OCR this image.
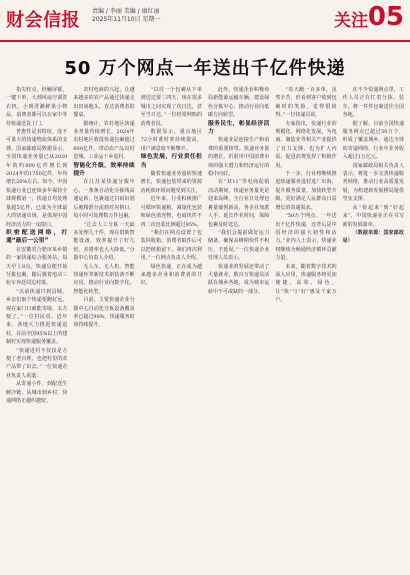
财会信报 责编 / 李丽 美编 / 康红丽
2025年11月10日 星期一	关注 05
50 万个网点一年送出千亿件快递

指尖轻点，经触屏幕，一键下单，大到风扇空调洗衣机，小到洗漱鲜果小物品，消费者都可以在家中等待快递送货上门。

普惠性是其特征，庞不可量大的快递物流体系的支撑。国家邮政局数据显示，全国快递业务量已从2020年的约800亿件增长到2024年的1750亿件，年均增长20%左右。如今，中国快递行业已连续多年保持全球规模第一，快递日均处理量超5亿件，已成为全球最大的快递市场，是体现中国经济活力的一扇窗口。

织密配送网络，打通“最后一公里”

在安徽省合肥市某乡镇的一家快递综合服务站，每天早上8点，快递员便开始分拣包裹，随后骑着电动三轮车奔赴周边村落。

“以前快递只到县城，乡亲们取个快递要跑好远，现在家门口就能寄取，太方便了。”一位村民说。近年来，各地大力推进快递进村，目前全国95%以上的建制村实现快递服务覆盖。

“快递进村不仅仅是方便了老百姓，也把村里的农产品带了出去。”一位快递企业负责人说道。

从寄递小件，到配送生鲜冷链、从城市到乡村，快递网络正越织越密。

农村电商的兴起，让越来越多的农产品通过快递走出田间地头，直达消费者的餐桌。

据统计，农村地区快递业务量持续增长，2024年农村地区收投快递包裹超过600亿件，带动农产品出村进城，工业品下乡进村。

智能化升级，效率持续提升

在江苏某快递分拨中心，一条条自动化分拣线高速运转，包裹通过扫码识别后被精准分流到对应格口，每小时可处理数万件包裹。

“过去人工分拣一天最多处理几千件，现在借助智能设备，效率提升了好几倍，差错率也大大降低。”分拨中心负责人介绍。

无人车、无人机、智能快递柜等新技术新装备不断应用，推动行业向数字化、智能化转型。

目前，主要快递企业分拨中心自动化分拣设备覆盖率已超过90%，快递服务时效持续提升。

“以往一个包裹从下单到送达要三四天，现在很多城市之间实现了次日达，甚至当日达。”一位经常网购的消费者说。

数据显示，重点地区72小时准时率持续提高，用户满意度不断攀升。

绿色发展，行业责任担当

随着快递业务量的快速增长，快递包装带来的资源消耗和环境问题受到关注。

近年来，行业积极推广可循环快递箱、减量化包装和绿色填充物，电商快件不再二次包装比例超过95%。

“我们在网点设置了包装回收箱，消费者取件后可以把纸箱留下，我们再次利用。”一位网点负责人介绍。

绿色快递，正在成为越来越多企业和消费者的共识。

此外，快递企业积极布局新能源运输车辆，建设绿色分拣中心，推动行业向低碳方向转型。

服务民生，彰显经济活力

快递业是连接生产和消费的重要纽带。快递业务量的增长，折射出中国消费市场的强大潜力和经济运行的稳中向好。

在“双11”等电商促销活动期间，快递业务量更是迎来高峰，全行业日处理包裹量屡创新高，各企业加派人手、延长作业时间，保障包裹及时送达。

“我们会提前做好运力储备，确保高峰期快件不积压、不延误。”一位快递企业管理人员表示。

快递业的发展还带动了大量就业，数百万快递员活跃在城乡各地，成为城市运转中不可或缺的一部分。

“每天跑一百多单，虽然辛苦，但看到客户收到包裹时的笑脸，觉得很值得。”一位快递员说。

专家指出，快递行业的规模化、网络化发展，为电商、制造业等相关产业提供了有力支撑，也为扩大内需、促进消费发挥了积极作用。

下一步，行业将继续推进快递服务进村进厂出海，提升服务质量，加快转型升级，更好满足人民群众日益增长的寄递需求。

“50万个网点、一年送出千亿件快递，这背后是中国经济的强大韧性和活力。”业内人士表示，快递业将继续为畅通经济循环贡献力量。

未来，随着数字技术的深入应用，快递服务将更加便捷、高效、绿色，让“快”与“好”惠及千家万户。

在不少快递网点里，工作人员正在忙着分拣、装车，将一件件包裹送往全国各地。

据了解，目前全国快递服务网点已超过50万个，形成了覆盖城乡、通达全球的寄递网络，行业年业务收入超过1万亿元。

国家邮政局相关负责人表示，将进一步完善快递服务网络，推动行业高质量发展，为构建新发展格局提供坚实支撑。

从“快起来”到“好起来”，中国快递业正在书写新的发展篇章。

（数据来源：国家邮政局）
